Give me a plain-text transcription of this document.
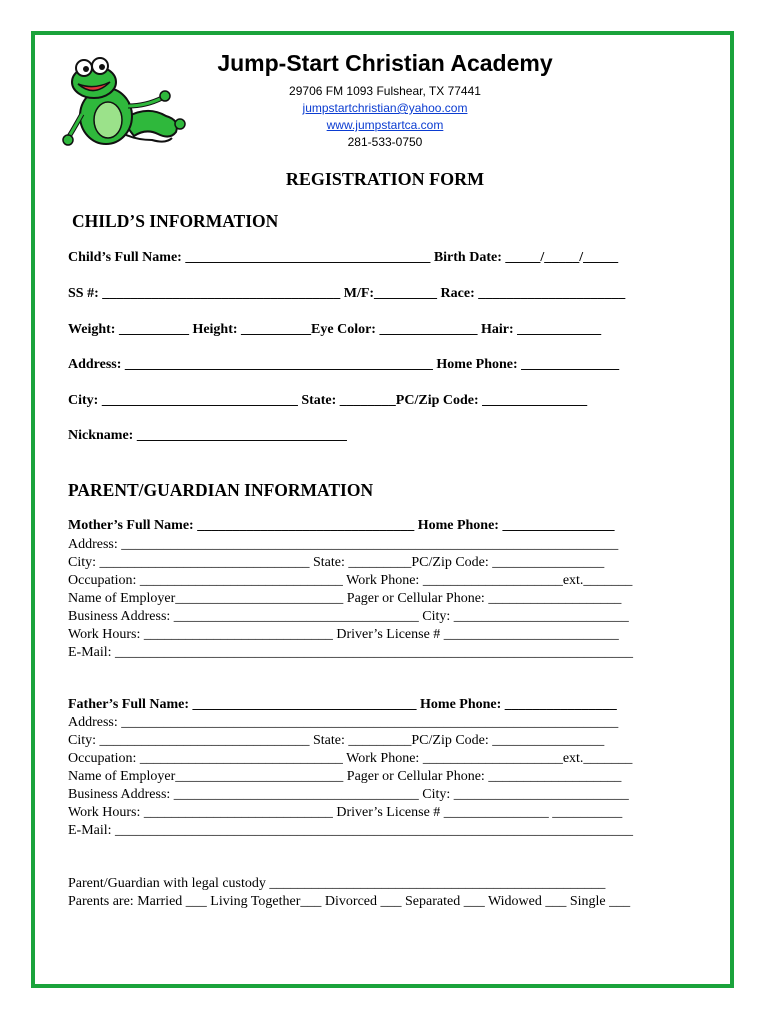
Jump-Start Christian Academy
29706 FM 1093 Fulshear, TX 77441
jumpstartchristian@yahoo.com
www.jumpstartca.com
281-533-0750
REGISTRATION FORM
CHILD’S INFORMATION
Child’s Full Name: ___________________________________ Birth Date: _____/_____/_____
SS #: __________________________________ M/F:_________ Race: _____________________
Weight: __________ Height: __________Eye Color: ______________ Hair: ____________
Address: ____________________________________________ Home Phone: ______________
City: ____________________________ State: ________PC/Zip Code: _______________
Nickname: ______________________________
PARENT/GUARDIAN INFORMATION
Mother’s Full Name: _______________________________ Home Phone: ________________
Address: _______________________________________________________________________
City: ______________________________ State: _________PC/Zip Code: ________________
Occupation: _____________________________ Work Phone: ____________________ext._______
Name of Employer________________________ Pager or Cellular Phone: ___________________
Business Address: ___________________________________ City: _________________________
Work Hours: ___________________________ Driver’s License # _________________________
E-Mail: __________________________________________________________________________
Father’s Full Name: ________________________________ Home Phone: ________________
Address: _______________________________________________________________________
City: ______________________________ State: _________PC/Zip Code: ________________
Occupation: _____________________________ Work Phone: ____________________ext._______
Name of Employer________________________ Pager or Cellular Phone: ___________________
Business Address: ___________________________________ City: _________________________
Work Hours: ___________________________ Driver’s License # _______________ __________
E-Mail: __________________________________________________________________________
Parent/Guardian with legal custody ________________________________________________
Parents are: Married ___ Living Together___ Divorced ___ Separated ___ Widowed ___ Single ___
